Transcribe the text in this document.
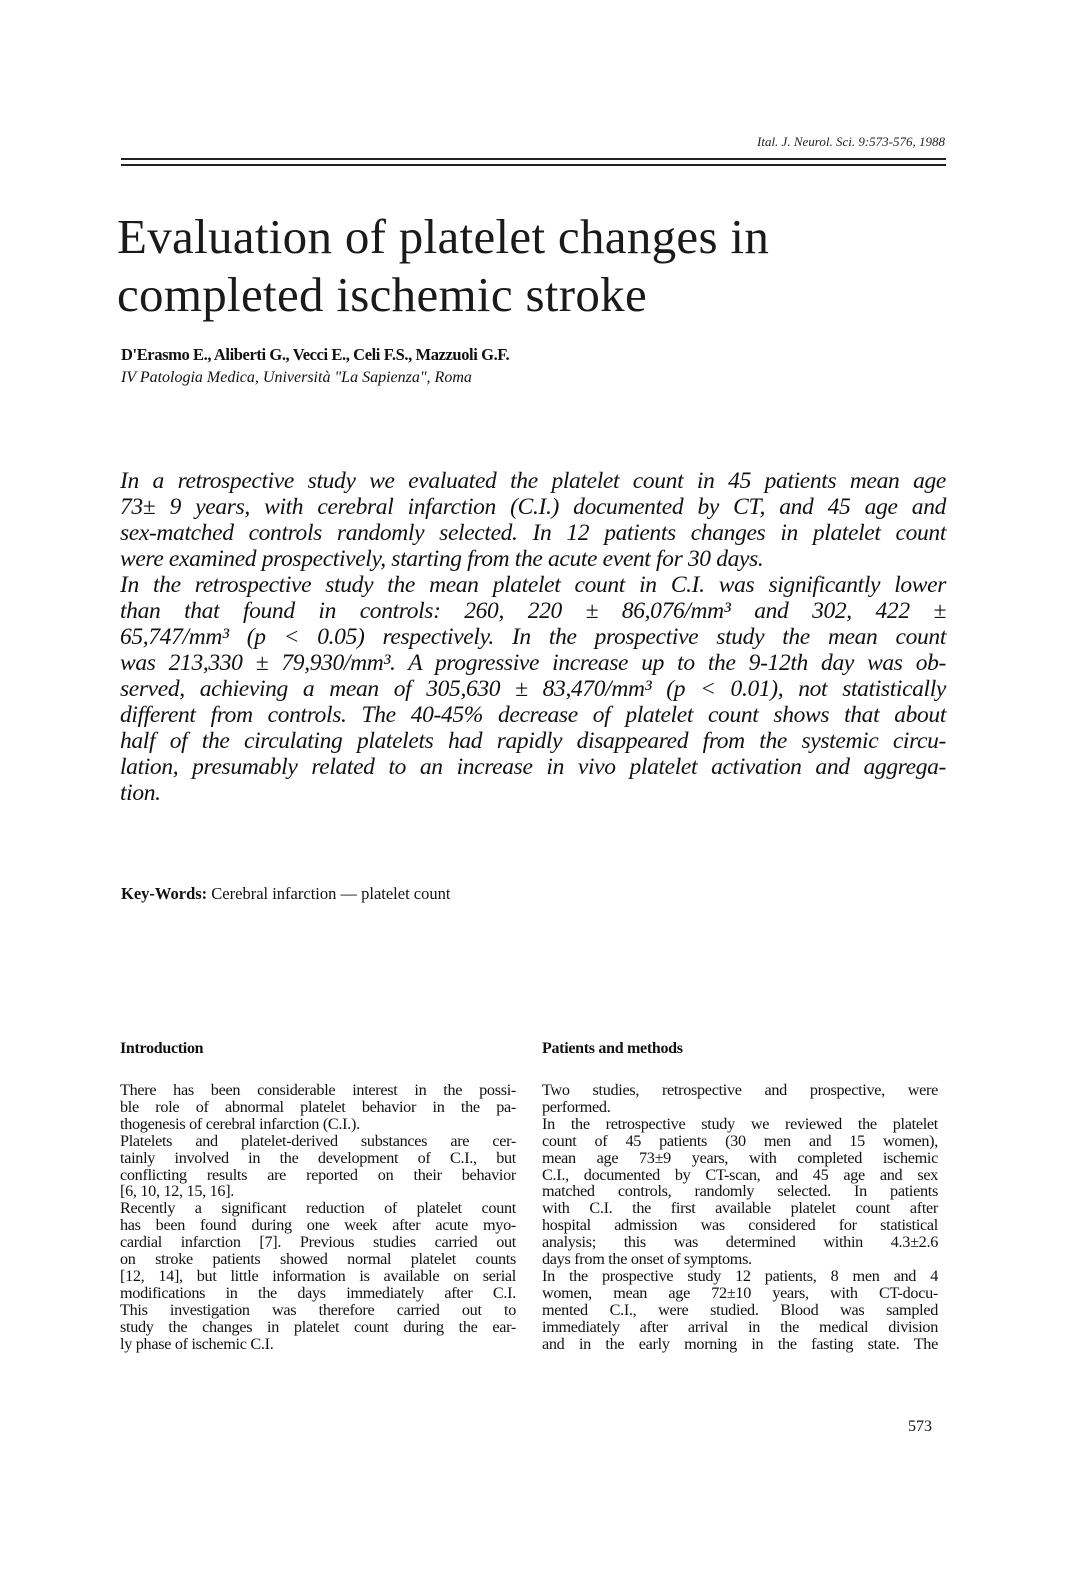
Ital. J. Neurol. Sci. 9:573-576, 1988
Evaluation of platelet changes in
completed ischemic stroke
D'Erasmo E., Aliberti G., Vecci E., Celi F.S., Mazzuoli G.F.
IV Patologia Medica, Università "La Sapienza", Roma
In a retrospective study we evaluated the platelet count in 45 patients mean age
73± 9 years, with cerebral infarction (C.I.) documented by CT, and 45 age and
sex-matched controls randomly selected. In 12 patients changes in platelet count
were examined prospectively, starting from the acute event for 30 days.
In the retrospective study the mean platelet count in C.I. was significantly lower
than that found in controls: 260, 220 ± 86,076/mm³ and 302, 422 ±
65,747/mm³ (p < 0.05) respectively. In the prospective study the mean count
was 213,330 ± 79,930/mm³. A progressive increase up to the 9-12th day was ob-
served, achieving a mean of 305,630 ± 83,470/mm³ (p < 0.01), not statistically
different from controls. The 40-45% decrease of platelet count shows that about
half of the circulating platelets had rapidly disappeared from the systemic circu-
lation, presumably related to an increase in vivo platelet activation and aggrega-
tion.
Key-Words: Cerebral infarction — platelet count
Introduction
There has been considerable interest in the possi-
ble role of abnormal platelet behavior in the pa-
thogenesis of cerebral infarction (C.I.).
Platelets and platelet-derived substances are cer-
tainly involved in the development of C.I., but
conflicting results are reported on their behavior
[6, 10, 12, 15, 16].
Recently a significant reduction of platelet count
has been found during one week after acute myo-
cardial infarction [7]. Previous studies carried out
on stroke patients showed normal platelet counts
[12, 14], but little information is available on serial
modifications in the days immediately after C.I.
This investigation was therefore carried out to
study the changes in platelet count during the ear-
ly phase of ischemic C.I.
Patients and methods
Two studies, retrospective and prospective, were
performed.
In the retrospective study we reviewed the platelet
count of 45 patients (30 men and 15 women),
mean age 73±9 years, with completed ischemic
C.I., documented by CT-scan, and 45 age and sex
matched controls, randomly selected. In patients
with C.I. the first available platelet count after
hospital admission was considered for statistical
analysis; this was determined within 4.3±2.6
days from the onset of symptoms.
In the prospective study 12 patients, 8 men and 4
women, mean age 72±10 years, with CT-docu-
mented C.I., were studied. Blood was sampled
immediately after arrival in the medical division
and in the early morning in the fasting state. The
573
